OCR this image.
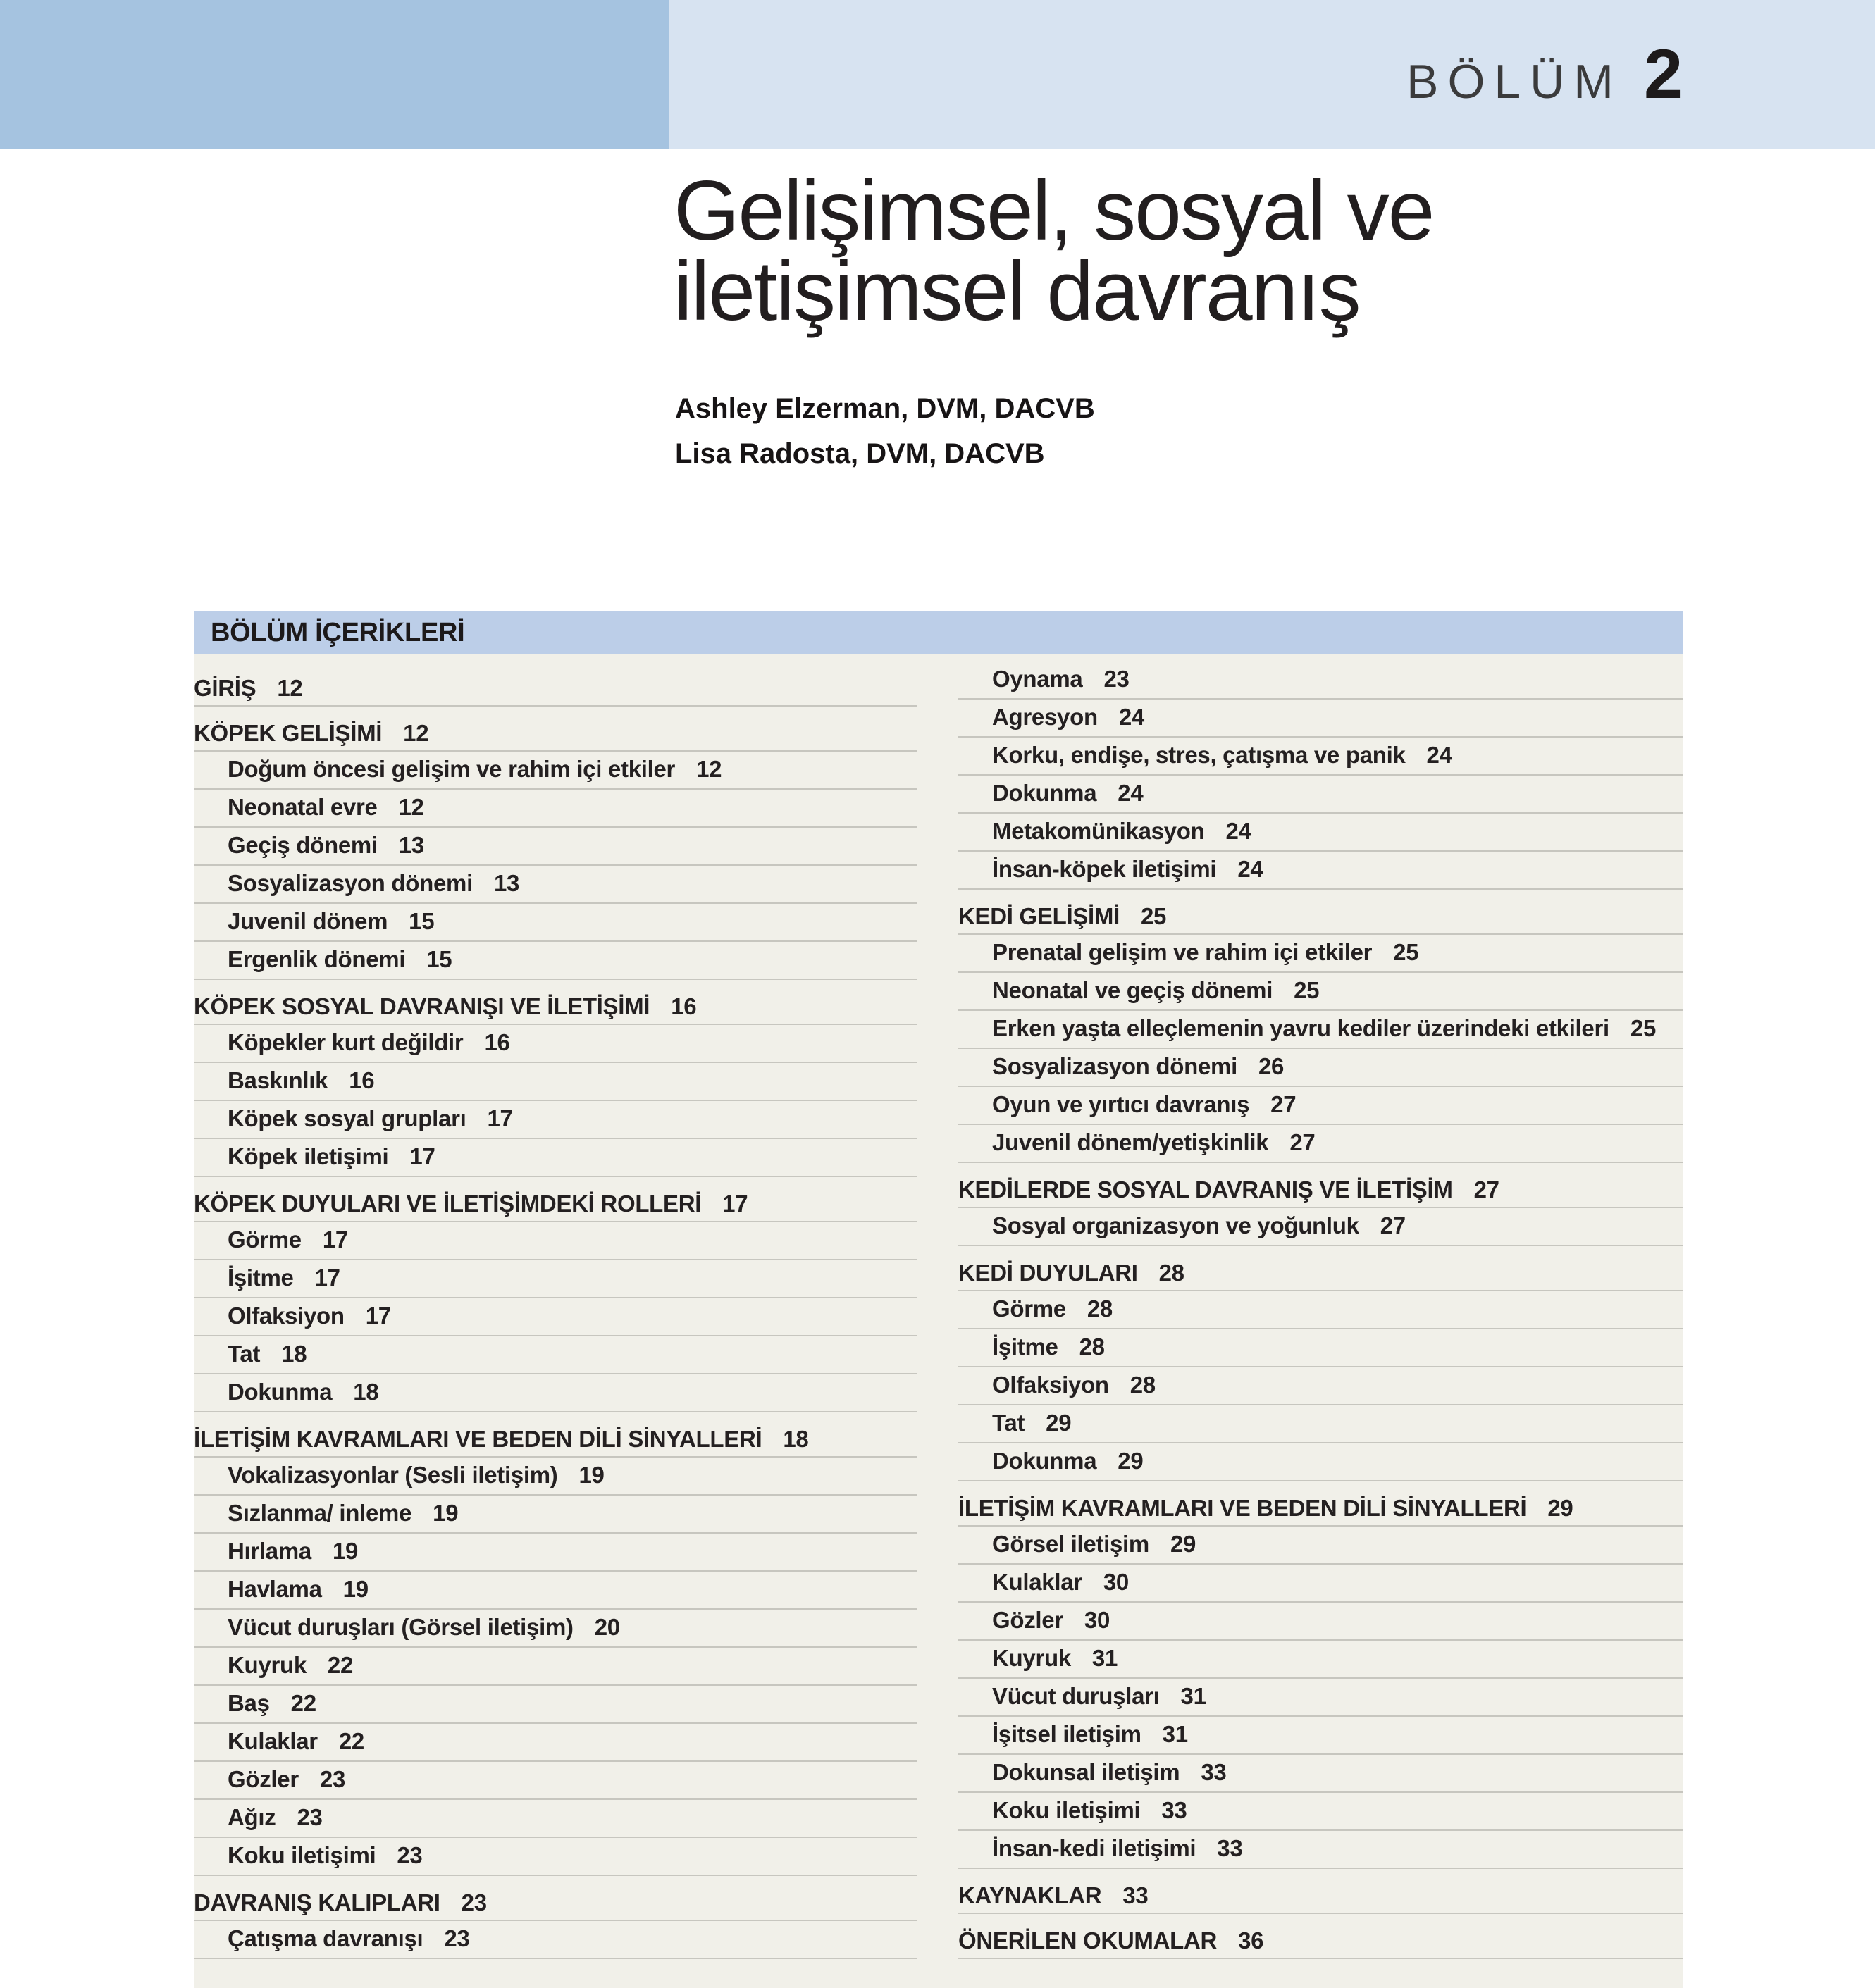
BÖLÜM 2
Gelişimsel, sosyal ve
iletişimsel davranış
Ashley Elzerman, DVM, DACVB
Lisa Radosta, DVM, DACVB
BÖLÜM İÇERİKLERİ
GİRİŞ 12
KÖPEK GELİŞİMİ 12
Doğum öncesi gelişim ve rahim içi etkiler 12
Neonatal evre 12
Geçiş dönemi 13
Sosyalizasyon dönemi 13
Juvenil dönem 15
Ergenlik dönemi 15
KÖPEK SOSYAL DAVRANIŞI VE İLETİŞİMİ 16
Köpekler kurt değildir 16
Baskınlık 16
Köpek sosyal grupları 17
Köpek iletişimi 17
KÖPEK DUYULARI VE İLETİŞİMDEKİ ROLLERİ 17
Görme 17
İşitme 17
Olfaksiyon 17
Tat 18
Dokunma 18
İLETİŞİM KAVRAMLARI VE BEDEN DİLİ SİNYALLERİ 18
Vokalizasyonlar (Sesli iletişim) 19
Sızlanma/ inleme 19
Hırlama 19
Havlama 19
Vücut duruşları (Görsel iletişim) 20
Kuyruk 22
Baş 22
Kulaklar 22
Gözler 23
Ağız 23
Koku iletişimi 23
DAVRANIŞ KALIPLARI 23
Çatışma davranışı 23
Oynama 23
Agresyon 24
Korku, endişe, stres, çatışma ve panik 24
Dokunma 24
Metakomünikasyon 24
İnsan-köpek iletişimi 24
KEDİ GELİŞİMİ 25
Prenatal gelişim ve rahim içi etkiler 25
Neonatal ve geçiş dönemi 25
Erken yaşta elleçlemenin yavru kediler üzerindeki etkileri 25
Sosyalizasyon dönemi 26
Oyun ve yırtıcı davranış 27
Juvenil dönem/yetişkinlik 27
KEDİLERDE SOSYAL DAVRANIŞ VE İLETİŞİM 27
Sosyal organizasyon ve yoğunluk 27
KEDİ DUYULARI 28
Görme 28
İşitme 28
Olfaksiyon 28
Tat 29
Dokunma 29
İLETİŞİM KAVRAMLARI VE BEDEN DİLİ SİNYALLERİ 29
Görsel iletişim 29
Kulaklar 30
Gözler 30
Kuyruk 31
Vücut duruşları 31
İşitsel iletişim 31
Dokunsal iletişim 33
Koku iletişimi 33
İnsan-kedi iletişimi 33
KAYNAKLAR 33
ÖNERİLEN OKUMALAR 36
